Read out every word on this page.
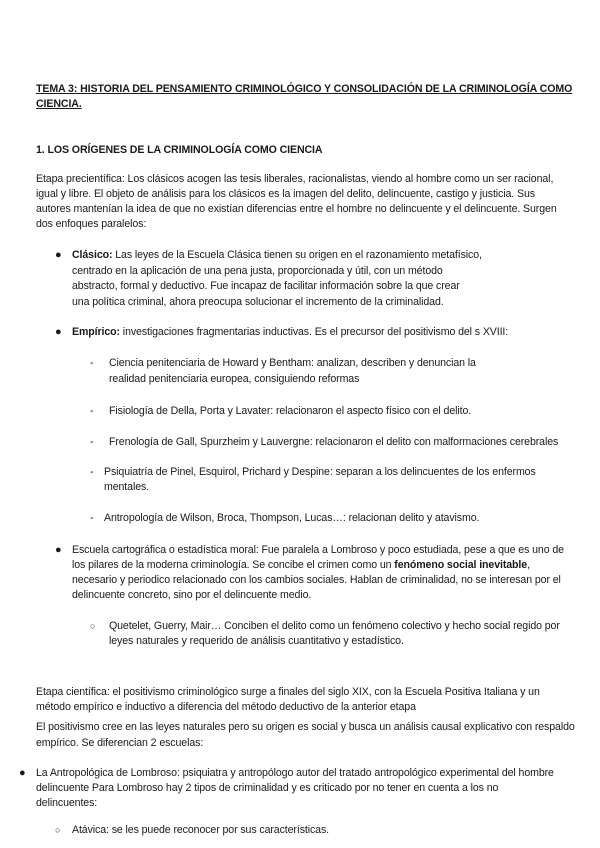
TEMA 3: HISTORIA DEL PENSAMIENTO CRIMINOLÓGICO Y CONSOLIDACIÓN DE LA CRIMINOLOGÍA COMO
CIENCIA.
1. LOS ORÍGENES DE LA CRIMINOLOGÍA COMO CIENCIA
Etapa precientífica: Los clásicos acogen las tesis liberales, racionalistas, viendo al hombre como un ser racional,
igual y libre. El objeto de análisis para los clásicos es la imagen del delito, delincuente, castigo y justicia. Sus
autores mantenían la idea de que no existían diferencias entre el hombre no delincuente y el delincuente. Surgen
dos enfoques paralelos:
● Clásico: Las leyes de la Escuela Clásica tienen su origen en el razonamiento metafísico,
centrado en la aplicación de una pena justa, proporcionada y útil, con un método
abstracto, formal y deductivo. Fue incapaz de facilitar información sobre la que crear
una política criminal, ahora preocupa solucionar el incremento de la criminalidad.
● Empírico: investigaciones fragmentarias inductivas. Es el precursor del positivismo del s XVIII:
- Ciencia penitenciaria de Howard y Bentham: analizan, describen y denuncian la
realidad penitenciaria europea, consiguiendo reformas
- Fisiología de Della, Porta y Lavater: relacionaron el aspecto físico con el delito.
- Frenología de Gall, Spurzheim y Lauvergne: relacionaron el delito con malformaciones cerebrales
- Psiquiatría de Pinel, Esquirol, Prichard y Despine: separan a los delincuentes de los enfermos
mentales.
- Antropología de Wilson, Broca, Thompson, Lucas…: relacionan delito y atavismo.
● Escuela cartográfica o estadística moral: Fue paralela a Lombroso y poco estudiada, pese a que es uno de
los pilares de la moderna criminología. Se concibe el crimen como un fenómeno social inevitable,
necesario y periodico relacionado con los cambios sociales. Hablan de criminalidad, no se interesan por el
delincuente concreto, sino por el delincuente medio.
○ Quetelet, Guerry, Mair… Conciben el delito como un fenómeno colectivo y hecho social regido por
leyes naturales y requerido de análisis cuantitativo y estadístico.
Etapa científica: el positivismo criminológico surge a finales del siglo XIX, con la Escuela Positiva Italiana y un
método empírico e inductivo a diferencia del método deductivo de la anterior etapa
El positivismo cree en las leyes naturales pero su origen es social y busca un análisis causal explicativo con respaldo
empírico. Se diferencian 2 escuelas:
● La Antropológica de Lombroso: psiquiatra y antropólogo autor del tratado antropológico experimental del hombre
delincuente Para Lombroso hay 2 tipos de criminalidad y es criticado por no tener en cuenta a los no
delincuentes:
○ Atávica: se les puede reconocer por sus características.
